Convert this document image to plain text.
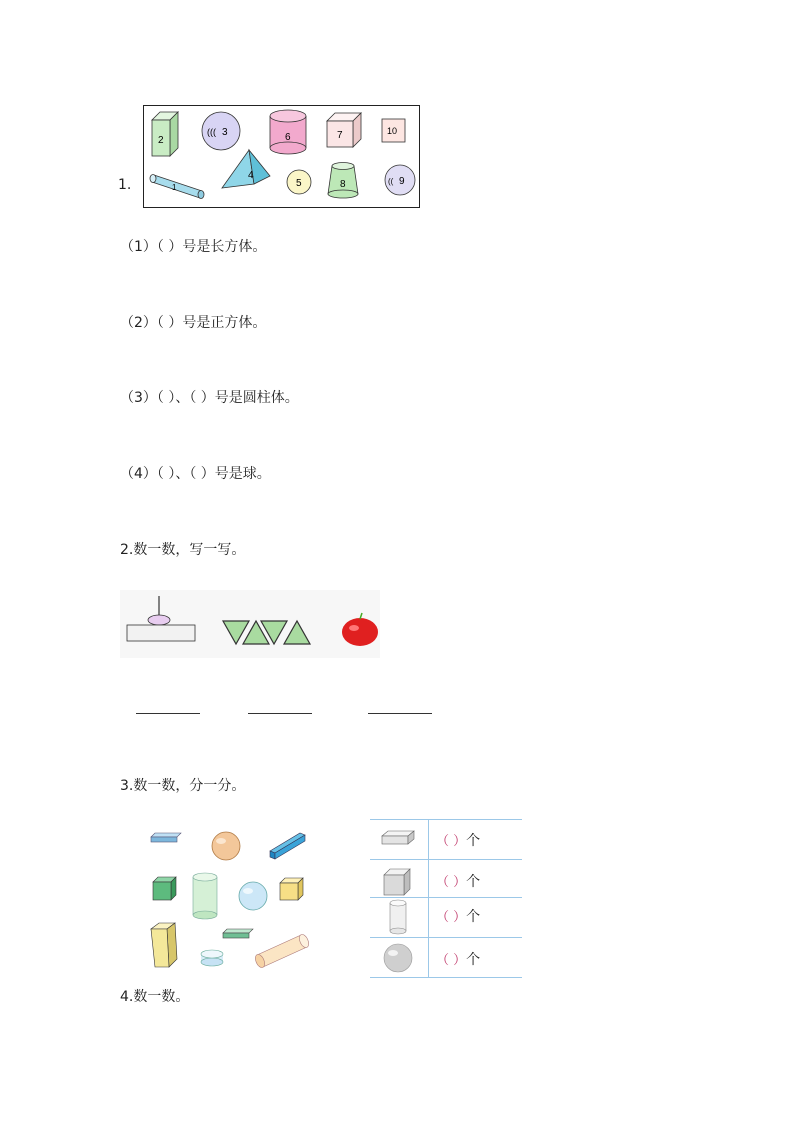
1.
2
((( 3	6	7	10
1
4
5	8	(( 9
（1）（ ）号是长方体。
（2）（ ）号是正方体。
（3）（ ）、（ ）号是圆柱体。
（4）（ ）、（ ）号是球。
2.数一数，写一写。
3.数一数，分一分。
（ ）个
（ ）个
（ ）个
（ ）个
4.数一数。
